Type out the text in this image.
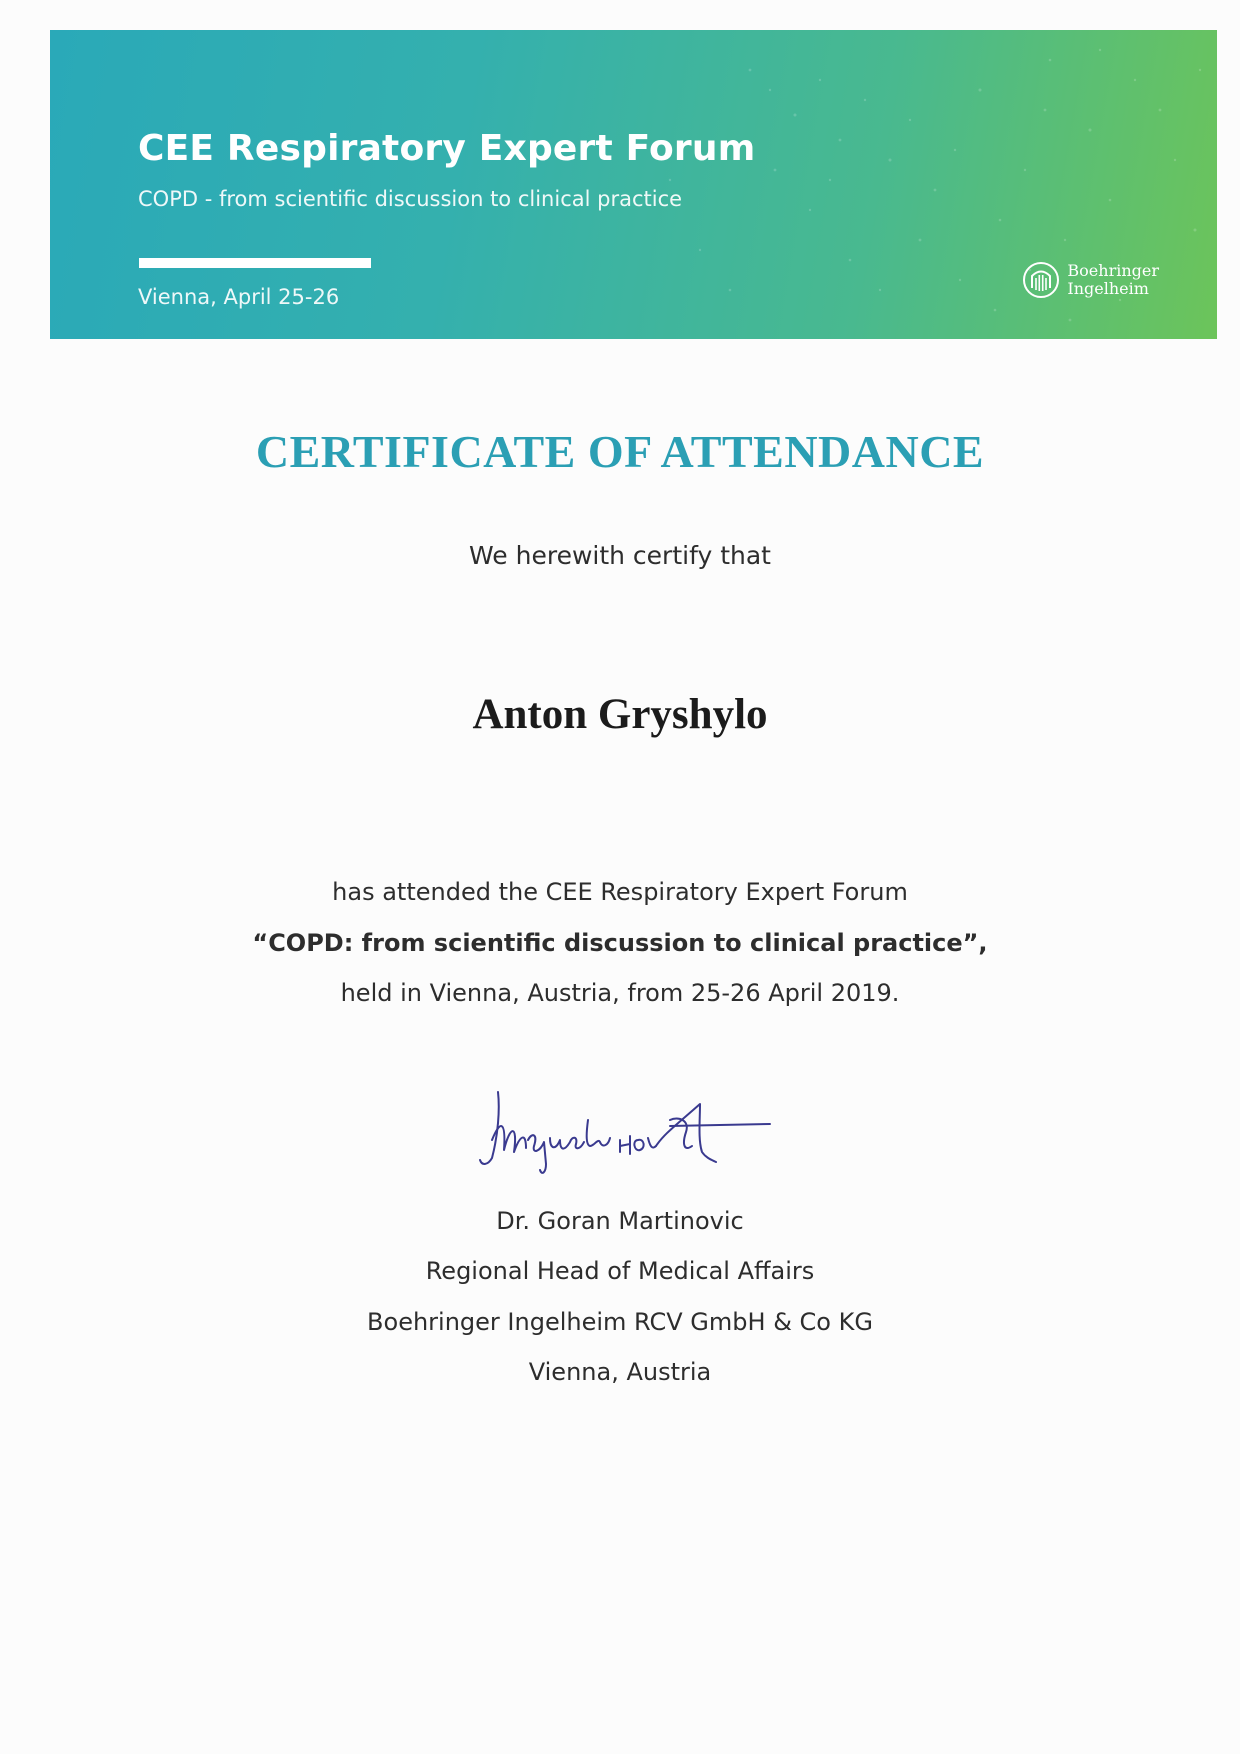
CEE Respiratory Expert Forum
COPD - from scientific discussion to clinical practice
Vienna, April 25-26
Boehringer
Ingelheim
CERTIFICATE OF ATTENDANCE
We herewith certify that
Anton Gryshylo
has attended the CEE Respiratory Expert Forum
“COPD: from scientific discussion to clinical practice”,
held in Vienna, Austria, from 25-26 April 2019.
Dr. Goran Martinovic
Regional Head of Medical Affairs
Boehringer Ingelheim RCV GmbH & Co KG
Vienna, Austria
